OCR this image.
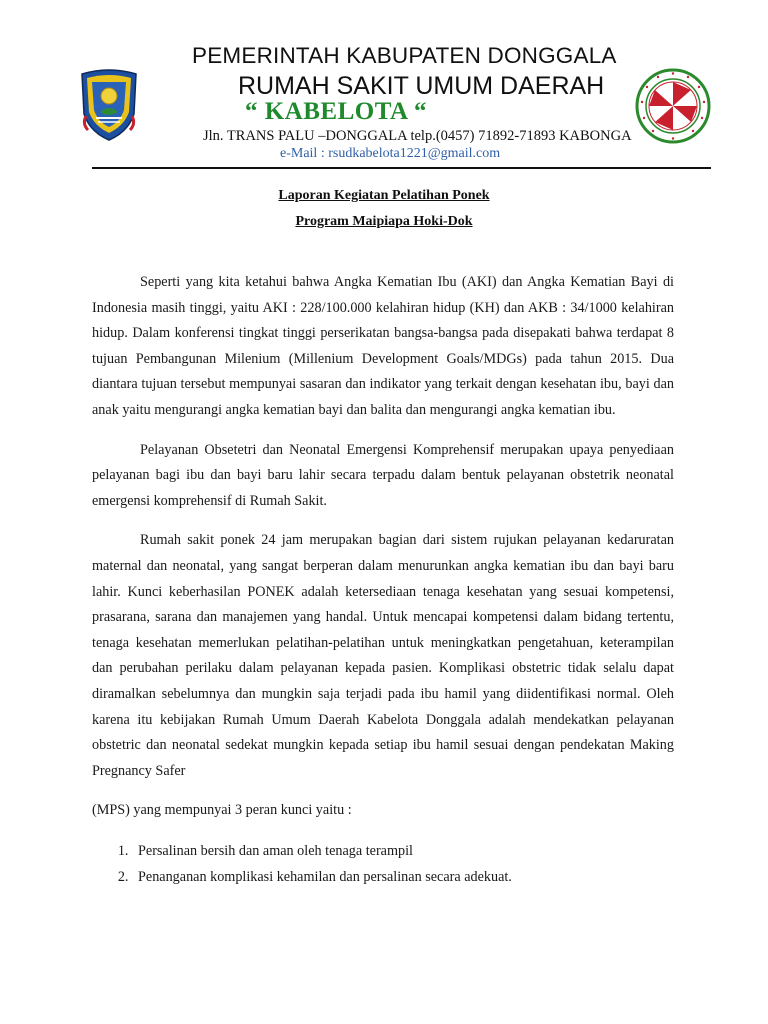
PEMERINTAH KABUPATEN DONGGALA
RUMAH SAKIT UMUM DAERAH
“ KABELOTA “
Jln. TRANS PALU –DONGGALA telp.(0457) 71892-71893 KABONGA
e-Mail : rsudkabelota1221@gmail.com
Laporan Kegiatan Pelatihan Ponek
Program Maipiapa Hoki-Dok

Seperti yang kita ketahui bahwa Angka Kematian Ibu (AKI) dan Angka Kematian Bayi di Indonesia masih tinggi, yaitu AKI : 228/100.000 kelahiran hidup (KH) dan AKB : 34/1000 kelahiran hidup. Dalam konferensi tingkat tinggi perserikatan bangsa-bangsa pada disepakati bahwa terdapat 8 tujuan Pembangunan Milenium (Millenium Development Goals/MDGs) pada tahun 2015. Dua diantara tujuan tersebut mempunyai sasaran dan indikator yang terkait dengan kesehatan ibu, bayi dan anak yaitu mengurangi angka kematian bayi dan balita dan mengurangi angka kematian ibu.

Pelayanan Obsetetri dan Neonatal Emergensi Komprehensif merupakan upaya penyediaan pelayanan bagi ibu dan bayi baru lahir secara terpadu dalam bentuk pelayanan obstetrik neonatal emergensi komprehensif di Rumah Sakit.

Rumah sakit ponek 24 jam merupakan bagian dari sistem rujukan pelayanan kedaruratan maternal dan neonatal, yang sangat berperan dalam menurunkan angka kematian ibu dan bayi baru lahir. Kunci keberhasilan PONEK adalah ketersediaan tenaga kesehatan yang sesuai kompetensi, prasarana, sarana dan manajemen yang handal. Untuk mencapai kompetensi dalam bidang tertentu, tenaga kesehatan memerlukan pelatihan-pelatihan untuk meningkatkan pengetahuan, keterampilan dan perubahan perilaku dalam pelayanan kepada pasien. Komplikasi obstetric tidak selalu dapat diramalkan sebelumnya dan mungkin saja terjadi pada ibu hamil yang diidentifikasi normal. Oleh karena itu kebijakan Rumah Umum Daerah Kabelota Donggala adalah mendekatkan pelayanan obstetric dan neonatal sedekat mungkin kepada setiap ibu hamil sesuai dengan pendekatan Making Pregnancy Safer

(MPS) yang mempunyai 3 peran kunci yaitu :

1. Persalinan bersih dan aman oleh tenaga terampil
2. Penanganan komplikasi kehamilan dan persalinan secara adekuat.
